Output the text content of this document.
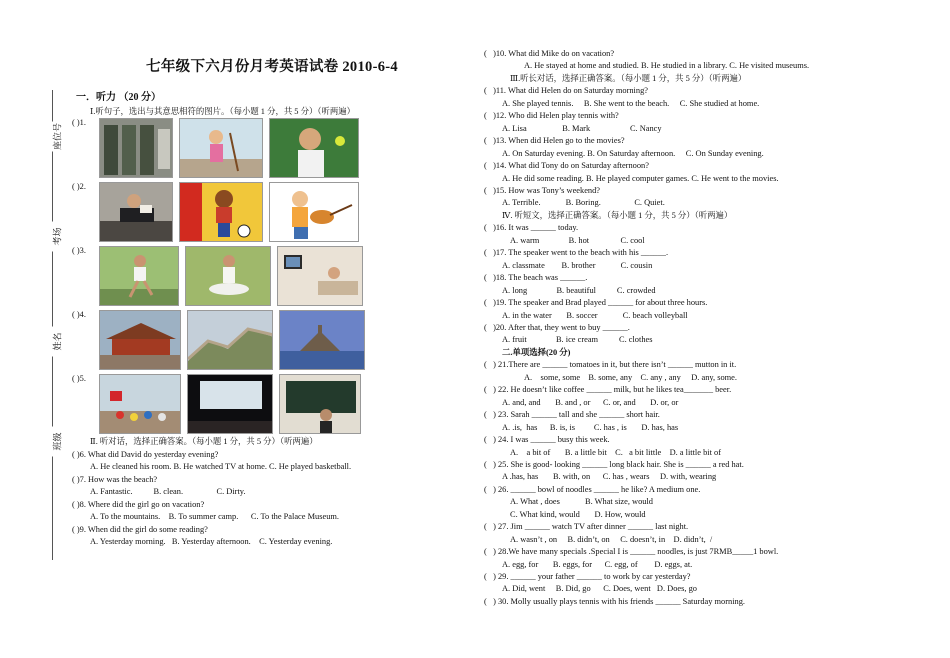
座位号
考场
姓名
班级
七年级下六月份月考英语试卷 2010-6-4
一．听力 （20 分）
Ⅰ.听句子，选出与其意思相符的图片。（每小题 1 分，共 5 分）（听两遍）
( )1.
( )2.
( )3.
( )4.
( )5.
Ⅱ. 听对话，选择正确答案。（每小题 1 分，共 5 分）（听两遍）
( )6. What did David do yesterday evening?
A. He cleaned his room. B. He watched TV at home. C. He played basketball.
( )7. How was the beach?
A. Fantastic.          B. clean.                C. Dirty.
( )8. Where did the girl go on vacation?
A. To the mountains.    B. To summer camp.      C. To the Palace Museum.
( )9. When did the girl do some reading?
A. Yesterday morning.   B. Yesterday afternoon.    C. Yesterday evening.
(   )10. What did Mike do on vacation?
A. He stayed at home and studied. B. He studied in a library. C. He visited museums.
Ⅲ.听长对话，选择正确答案。（每小题 1 分，共 5 分）（听两遍）
(   )11. What did Helen do on Saturday morning?
A. She played tennis.     B. She went to the beach.     C. She studied at home.
(   )12. Who did Helen play tennis with?
A. Lisa                 B. Mark                   C. Nancy
(   )13. When did Helen go to the movies?
A. On Saturday evening. B. On Saturday afternoon.     C. On Sunday evening.
(   )14. What did Tony do on Saturday afternoon?
A. He did some reading. B. He played computer games. C. He went to the movies.
(   )15. How was Tony’s weekend?
A. Terrible.            B. Boring.                C. Quiet.
Ⅳ. 听短文，选择正确答案。（每小题 1 分，共 5 分）（听两遍）
(   )16. It was ______ today.
A. warm              B. hot               C. cool
(   )17. The speaker went to the beach with his ______.
A. classmate        B. brother            C. cousin
(   )18. The beach was ______.
A. long              B. beautiful          C. crowded
(   )19. The speaker and Brad played ______ for about three hours.
A. in the water       B. soccer            C. beach volleyball
(   )20. After that, they went to buy ______.
A. fruit              B. ice cream          C. clothes
二.单项选择(20 分)
(   ) 21.There are ______ tomatoes in it, but there isn’t ______ mutton in it.
A.    some, some    B. some, any    C. any , any     D. any, some.
(   ) 22. He doesn’t like coffee ______ milk, but he likes tea_______ beer.
A. and, and       B. and , or      C. or, and       D. or, or
(   ) 23. Sarah ______ tall and she ______ short hair.
A. .is,  has      B. is, is         C. has , is       D. has, has
(   ) 24. I was ______ busy this week.
A.    a bit of       B. a little bit    C.   a bit little    D. a little bit of
(   ) 25. She is good- looking ______ long black hair. She is ______ a red hat.
A .has, has       B. with, on      C. has , wears     D. with, wearing
(   ) 26. ______ bowl of noodles ______ he like? A medium one.
A. What , does            B. What size, would
C. What kind, would       D. How, would
(   ) 27. Jim ______ watch TV after dinner ______ last night.
A. wasn’t , on     B. didn’t, on     C. doesn’t, in    D. didn’t,  /
(   ) 28.We have many specials .Special I is ______ noodles, is just 7RMB_____1 bowl.
A. egg, for       B. eggs, for      C. egg, of        D. eggs, at.
(   ) 29. ______ your father ______ to work by car yesterday?
A. Did, went     B. Did, go      C. Does, went   D. Does, go
(   ) 30. Molly usually plays tennis with his friends ______ Saturday morning.
